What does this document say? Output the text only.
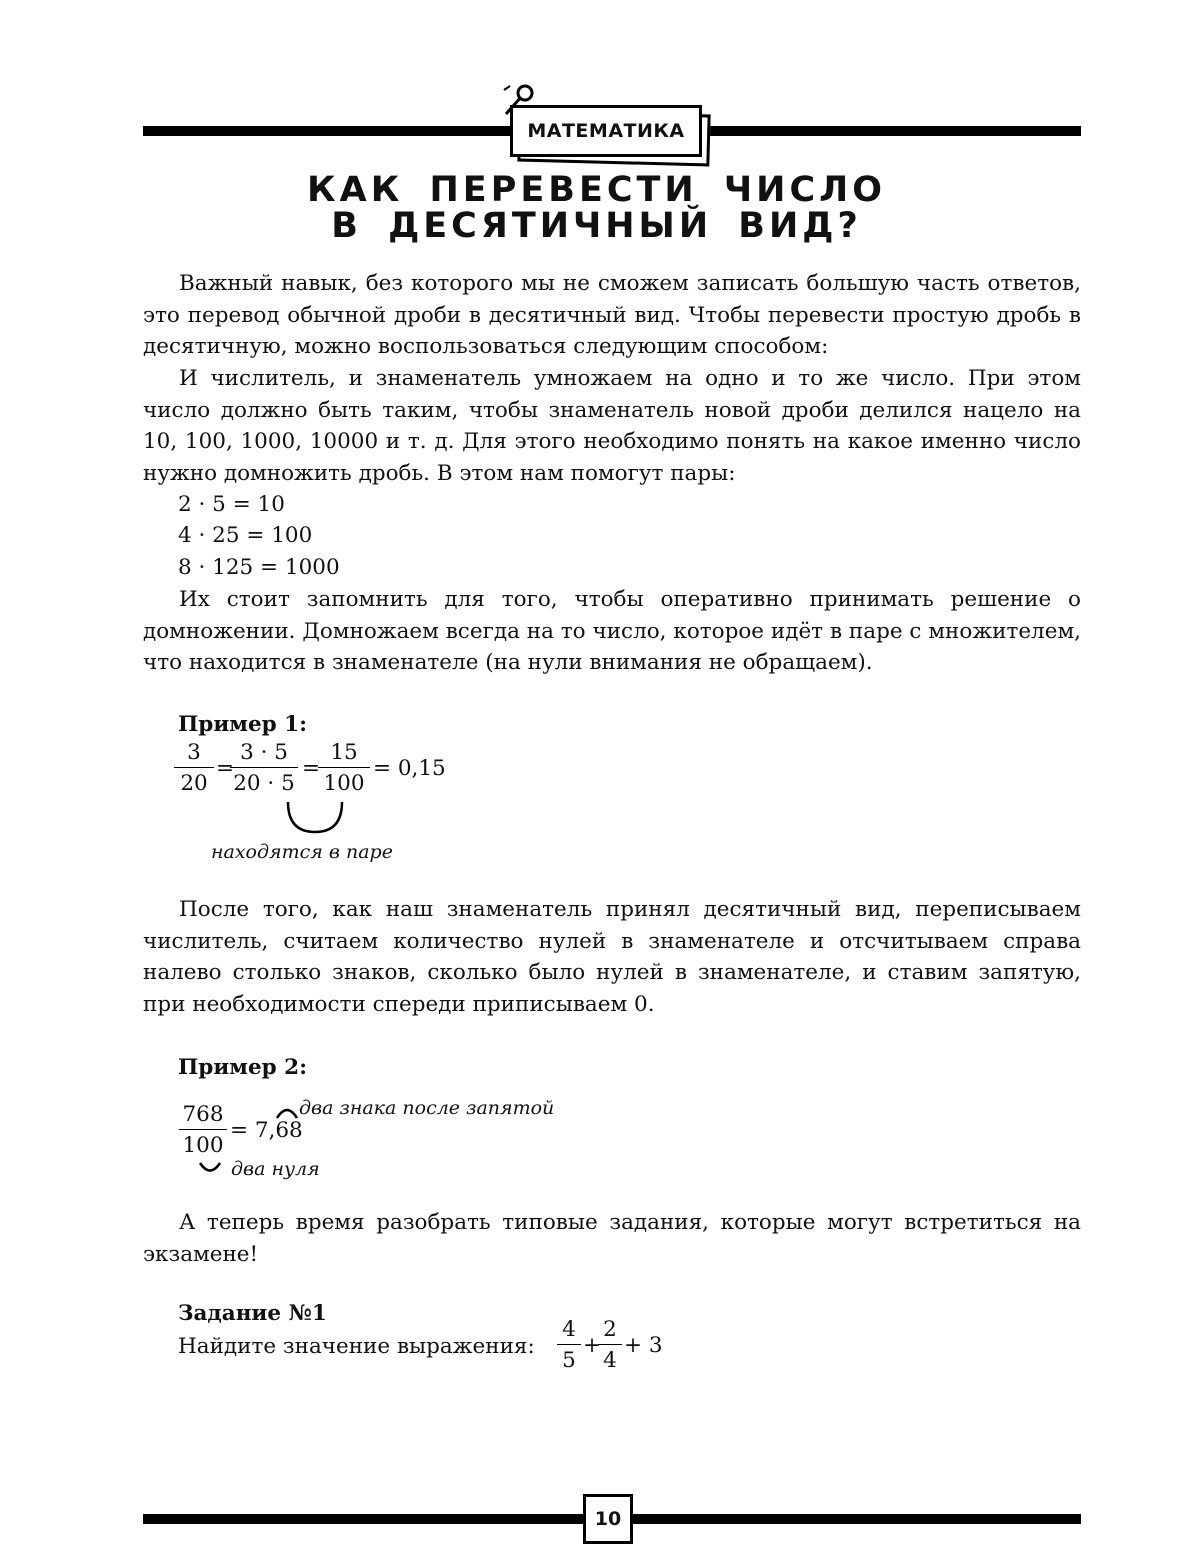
МАТЕМАТИКА
КАК ПЕРЕВЕСТИ ЧИСЛО
В ДЕСЯТИЧНЫЙ ВИД?
Важный навык, без которого мы не сможем записать большую часть ответов, это перевод обычной дроби в десятичный вид. Чтобы перевести простую дробь в десятичную, можно воспользоваться следующим способом:
И числитель, и знаменатель умножаем на одно и то же число. При этом число должно быть таким, чтобы знаменатель новой дроби делился нацело на 10, 100, 1000, 10000 и т. д. Для этого необходимо понять на какое именно число нужно домножить дробь. В этом нам помогут пары:
2 · 5 = 10
4 · 25 = 100
8 · 125 = 1000
Их стоит запомнить для того, чтобы оперативно принимать решение о домножении. Домножаем всегда на то число, которое идёт в паре с множителем, что находится в знаменателе (на нули внимания не обращаем).
Пример 1:
$\frac{3}{20}$ =
$\frac{3 \cdot 5}{20 \cdot 5}$ =
$\frac{15}{100} = 0,15$
находятся в паре
После того, как наш знаменатель принял десятичный вид, переписываем числитель, считаем количество нулей в знаменателе и отсчитываем справа налево столько знаков, сколько было нулей в знаменателе, и ставим запятую, при необходимости спереди приписываем 0.
Пример 2:
$\frac{768}{100} = 7,68$
два знака после запятой
два нуля
А теперь время разобрать типовые задания, которые могут встретиться на экзамене!
Задание №1
Найдите значение выражения: $\frac{4}{5}$ +
$\frac{2}{4} + 3$
10
